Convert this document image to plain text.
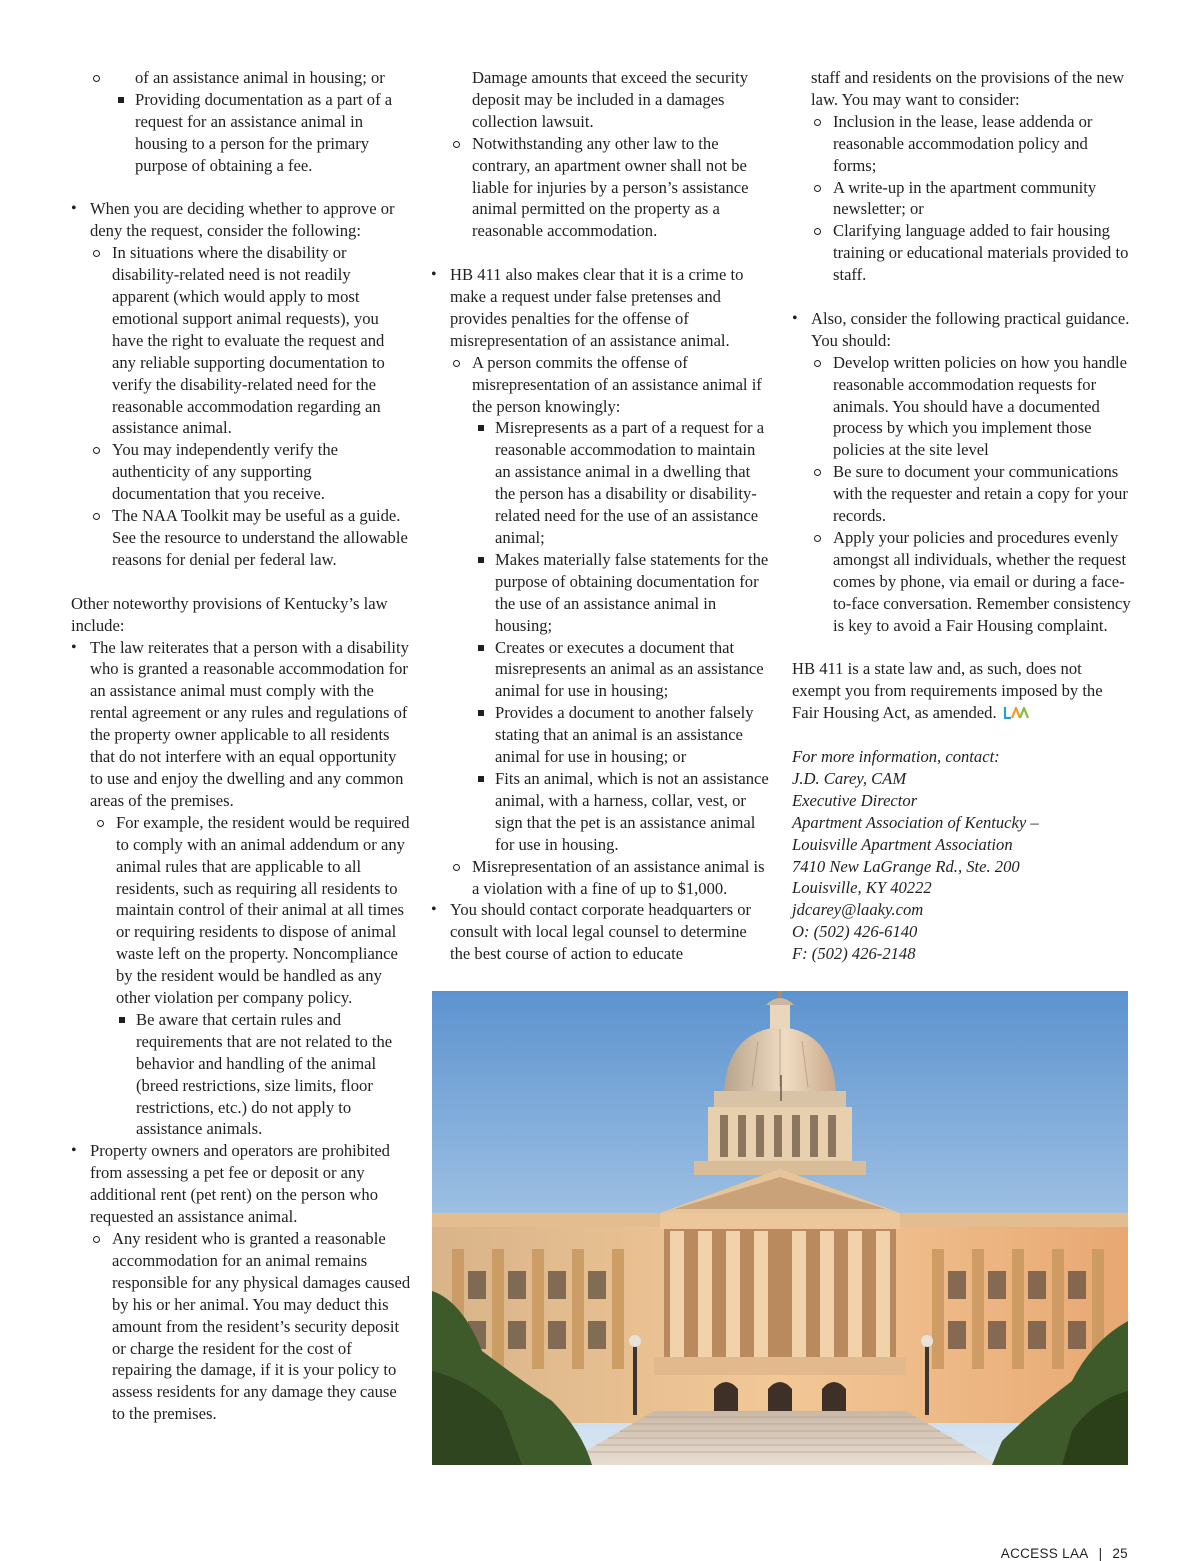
of an assistance animal in housing; or
Providing documentation as a part of a request for an assistance animal in housing to a person for the primary purpose of obtaining a fee.
• When you are deciding whether to approve or deny the request, consider the following:
In situations where the disability or disability-related need is not readily apparent (which would apply to most emotional support animal requests), you have the right to evaluate the request and any reliable supporting documentation to verify the disability-related need for the reasonable accommodation regarding an assistance animal.
You may independently verify the authenticity of any supporting documentation that you receive.
The NAA Toolkit may be useful as a guide. See the resource to understand the allowable reasons for denial per federal law.

Other noteworthy provisions of Kentucky’s law include:

• The law reiterates that a person with a disability who is granted a reasonable accommodation for an assistance animal must comply with the rental agreement or any rules and regulations of the property owner applicable to all residents that do not interfere with an equal opportunity to use and enjoy the dwelling and any common areas of the premises.
For example, the resident would be required to comply with an animal addendum or any animal rules that are applicable to all residents, such as requiring all residents to maintain control of their animal at all times or requiring residents to dispose of animal waste left on the property. Noncompliance by the resident would be handled as any other violation per company policy.
Be aware that certain rules and requirements that are not related to the behavior and handling of the animal (breed restrictions, size limits, floor restrictions, etc.) do not apply to assistance animals.
• Property owners and operators are prohibited from assessing a pet fee or deposit or any additional rent (pet rent) on the person who requested an assistance animal.
Any resident who is granted a reasonable accommodation for an animal remains responsible for any physical damages caused by his or her animal. You may deduct this amount from the resident’s security deposit or charge the resident for the cost of repairing the damage, if it is your policy to assess residents for any damage they cause to the premises.
Damage amounts that exceed the security deposit may be included in a damages collection lawsuit.
Notwithstanding any other law to the contrary, an apartment owner shall not be liable for injuries by a person’s assistance animal permitted on the property as a reasonable accommodation.
• HB 411 also makes clear that it is a crime to make a request under false pretenses and provides penalties for the offense of misrepresentation of an assistance animal.
A person commits the offense of misrepresentation of an assistance animal if the person knowingly:
Misrepresents as a part of a request for a reasonable accommodation to maintain an assistance animal in a dwelling that the person has a disability or disability-related need for the use of an assistance animal;
Makes materially false statements for the purpose of obtaining documentation for the use of an assistance animal in housing;
Creates or executes a document that misrepresents an animal as an assistance animal for use in housing;
Provides a document to another falsely stating that an animal is an assistance animal for use in housing; or
Fits an animal, which is not an assistance animal, with a harness, collar, vest, or sign that the pet is an assistance animal for use in housing.
Misrepresentation of an assistance animal is a violation with a fine of up to $1,000.
• You should contact corporate headquarters or consult with local legal counsel to determine the best course of action to educate
staff and residents on the provisions of the new law. You may want to consider:
Inclusion in the lease, lease addenda or reasonable accommodation policy and forms;
A write-up in the apartment community newsletter; or
Clarifying language added to fair housing training or educational materials provided to staff.
• Also, consider the following practical guidance. You should:
Develop written policies on how you handle reasonable accommodation requests for animals. You should have a documented process by which you implement those policies at the site level
Be sure to document your communications with the requester and retain a copy for your records.
Apply your policies and procedures evenly amongst all individuals, whether the request comes by phone, via email or during a face-to-face conversation. Remember consistency is key to avoid a Fair Housing complaint.

HB 411 is a state law and, as such, does not exempt you from requirements imposed by the Fair Housing Act, as amended.

For more information, contact:

J.D. Carey, CAM

Executive Director

Apartment Association of Kentucky –

Louisville Apartment Association

7410 New LaGrange Rd., Ste. 200

Louisville, KY 40222

jdcarey@laaky.com

O: (502) 426-6140

F: (502) 426-2148

ACCESS LAA | 25
